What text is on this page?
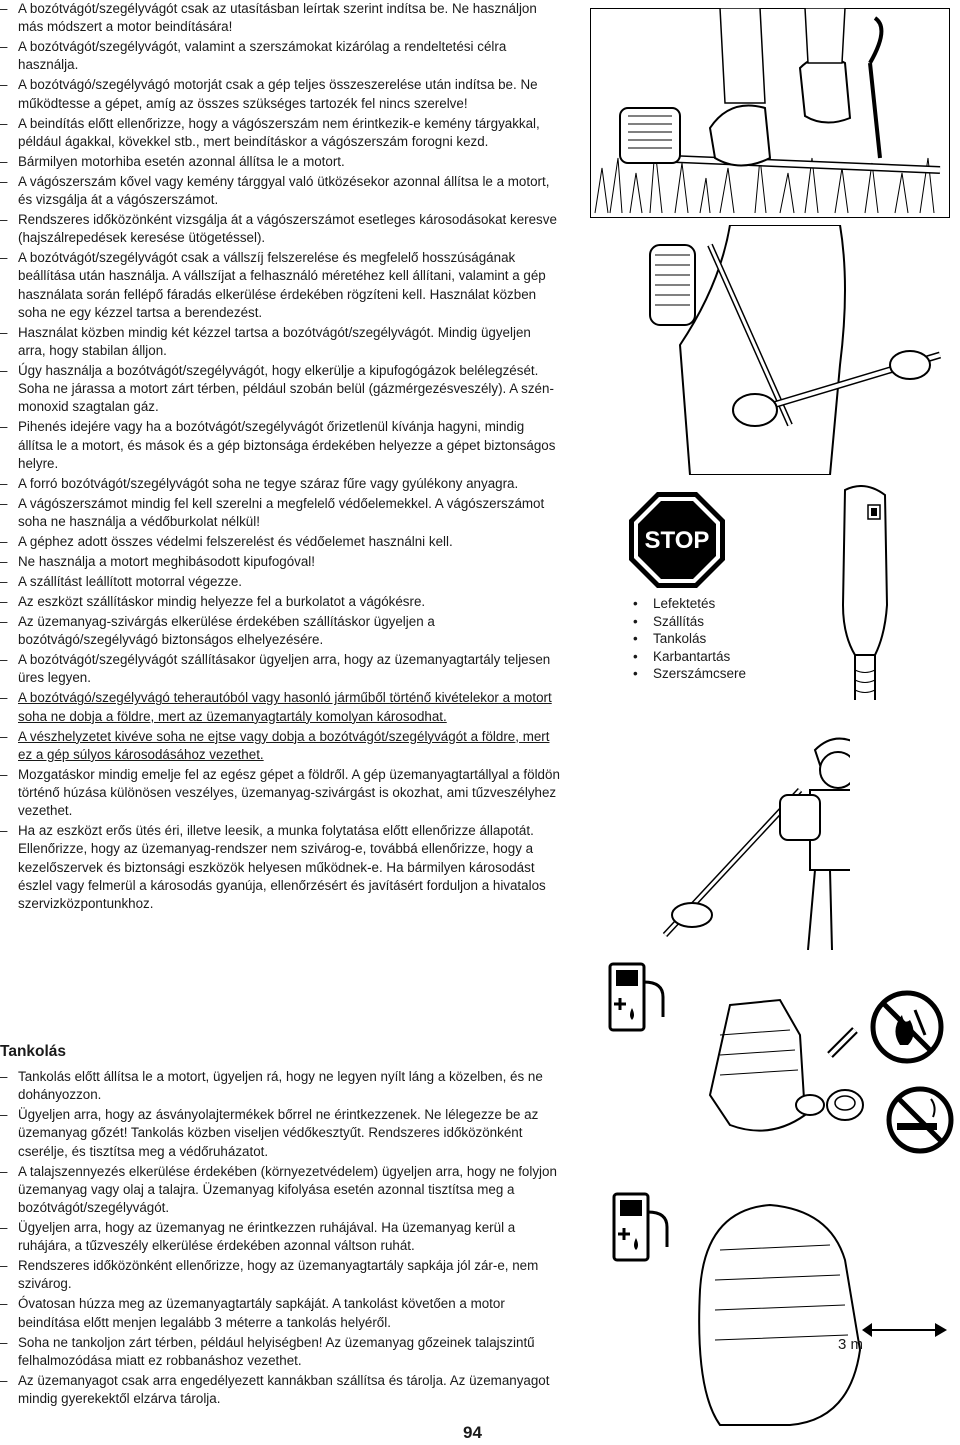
– A bozótvágót/szegélyvágót csak az utasításban leírtak szerint indítsa be. Ne használjon más módszert a motor beindítására!
– A bozótvágót/szegélyvágót, valamint a szerszámokat kizárólag a rendeltetési célra használja.
– A bozótvágó/szegélyvágó motorját csak a gép teljes összeszerelése után indítsa be. Ne működtesse a gépet, amíg az összes szükséges tartozék fel nincs szerelve!
– A beindítás előtt ellenőrizze, hogy a vágószerszám nem érintkezik-e kemény tárgyakkal, például ágakkal, kövekkel stb., mert beindításkor a vágószerszám forogni kezd.
– Bármilyen motorhiba esetén azonnal állítsa le a motort.
– A vágószerszám kővel vagy kemény tárggyal való ütközésekor azonnal állítsa le a motort, és vizsgálja át a vágószerszámot.
– Rendszeres időközönként vizsgálja át a vágószerszámot esetleges károsodásokat keresve (hajszálrepedések keresése ütögetéssel).
– A bozótvágót/szegélyvágót csak a vállszíj felszerelése és megfelelő hosszúságának beállítása után használja. A vállszíjat a felhasználó méretéhez kell állítani, valamint a gép használata során fellépő fáradás elkerülése érdekében rögzíteni kell. Használat közben soha ne egy kézzel tartsa a berendezést.
– Használat közben mindig két kézzel tartsa a bozótvágót/szegélyvágót. Mindig ügyeljen arra, hogy stabilan álljon.
– Úgy használja a bozótvágót/szegélyvágót, hogy elkerülje a kipufogógázok belélegzését. Soha ne járassa a motort zárt térben, például szobán belül (gázmérgezésveszély). A szén-monoxid szagtalan gáz.
– Pihenés idejére vagy ha a bozótvágót/szegélyvágót őrizetlenül kívánja hagyni, mindig állítsa le a motort, és mások és a gép biztonsága érdekében helyezze a gépet biztonságos helyre.
– A forró bozótvágót/szegélyvágót soha ne tegye száraz fűre vagy gyúlékony anyagra.
– A vágószerszámot mindig fel kell szerelni a megfelelő védőelemekkel. A vágószerszámot soha ne használja a védőburkolat nélkül!
– A géphez adott összes védelmi felszerelést és védőelemet használni kell.
– Ne használja a motort meghibásodott kipufogóval!
– A szállítást leállított motorral végezze.
– Az eszközt szállításkor mindig helyezze fel a burkolatot a vágókésre.
– Az üzemanyag-szivárgás elkerülése érdekében szállításkor ügyeljen a bozótvágó/szegélyvágó biztonságos elhelyezésére.
– A bozótvágót/szegélyvágót szállításakor ügyeljen arra, hogy az üzemanyagtartály teljesen üres legyen.
– A bozótvágó/szegélyvágó teherautóból vagy hasonló járműből történő kivételekor a motort soha ne dobja a földre, mert az üzemanyagtartály komolyan károsodhat.
– A vészhelyzetet kivéve soha ne ejtse vagy dobja a bozótvágót/szegélyvágót a földre, mert ez a gép súlyos károsodásához vezethet.
– Mozgatáskor mindig emelje fel az egész gépet a földről. A gép üzemanyagtartállyal a földön történő húzása különösen veszélyes, üzemanyag-szivárgást is okozhat, ami tűzveszélyhez vezethet.
– Ha az eszközt erős ütés éri, illetve leesik, a munka folytatása előtt ellenőrizze állapotát. Ellenőrizze, hogy az üzemanyag-rendszer nem szivárog-e, továbbá ellenőrizze, hogy a kezelőszervek és biztonsági eszközök helyesen működnek-e. Ha bármilyen károsodást észlel vagy felmerül a károsodás gyanúja, ellenőrzésért és javításért forduljon a hivatalos szervizközpontunkhoz.
Tankolás
– Tankolás előtt állítsa le a motort, ügyeljen rá, hogy ne legyen nyílt láng a közelben, és ne dohányozzon.
– Ügyeljen arra, hogy az ásványolajtermékek bőrrel ne érintkezzenek. Ne lélegezze be az üzemanyag gőzét! Tankolás közben viseljen védőkesztyűt. Rendszeres időközönként cserélje, és tisztítsa meg a védőruházatot.
– A talajszennyezés elkerülése érdekében (környezetvédelem) ügyeljen arra, hogy ne folyjon üzemanyag vagy olaj a talajra. Üzemanyag kifolyása esetén azonnal tisztítsa meg a bozótvágót/szegélyvágót.
– Ügyeljen arra, hogy az üzemanyag ne érintkezzen ruhájával. Ha üzemanyag kerül a ruhájára, a tűzveszély elkerülése érdekében azonnal váltson ruhát.
– Rendszeres időközönként ellenőrizze, hogy az üzemanyagtartály sapkája jól zár-e, nem szivárog.
– Óvatosan húzza meg az üzemanyagtartály sapkáját. A tankolást követően a motor beindítása előtt menjen legalább 3 méterre a tankolás helyéről.
– Soha ne tankoljon zárt térben, például helyiségben! Az üzemanyag gőzeinek talajszintű felhalmozódása miatt ez robbanáshoz vezethet.
– Az üzemanyagot csak arra engedélyezett kannákban szállítsa és tárolja. Az üzemanyagot mindig gyerekektől elzárva tárolja.
STOP
• Lefektetés
• Szállítás
• Tankolás
• Karbantartás
• Szerszámcsere
3 m
94
